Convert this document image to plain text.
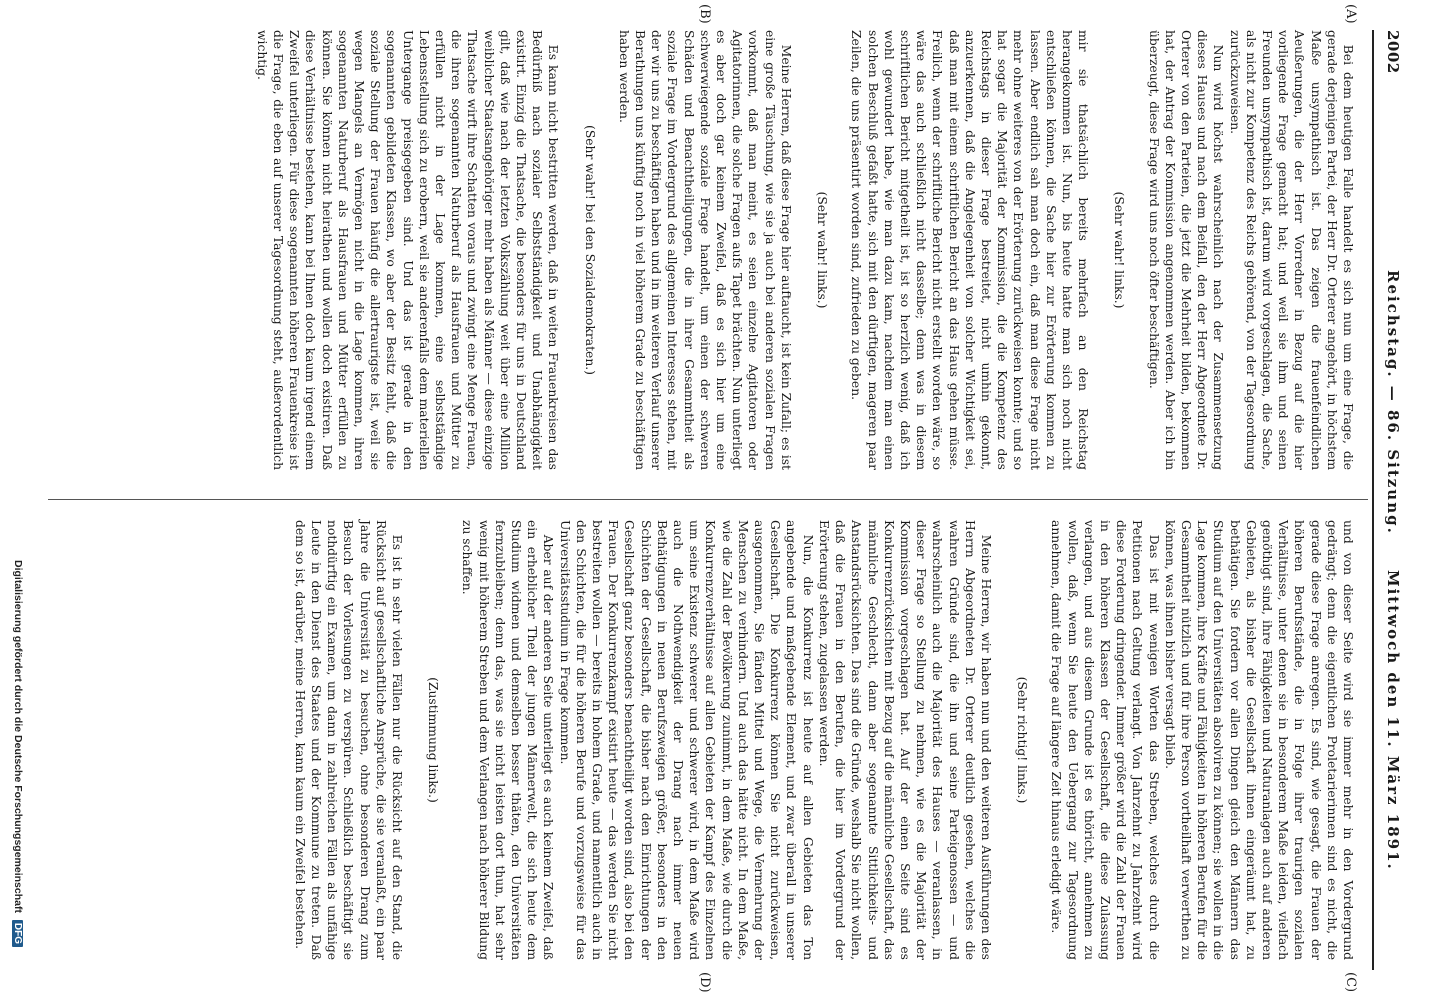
2002
Reichstag. — 86. Sitzung.
Mittwoch den 11. März 1891.
(A)
(B)
(C)
(D)

Bei dem heutigen Falle handelt es sich nun um eine Frage, die gerade derjenigen Partei, der Herr Dr. Orterer angehört, in höchstem Maße unsympathisch ist. Das zeigen die frauenfeindlichen Aeußerungen, die der Herr Vorredner in Bezug auf die hier vorliegende Frage gemacht hat; und weil sie ihm und seinen Freunden unsympathisch ist, darum wird vorgeschlagen, die Sache, als nicht zur Kompetenz des Reichs gehörend, von der Tagesordnung zurückzuweisen.

Nun wird höchst wahrscheinlich nach der Zusammensetzung dieses Hauses und nach dem Beifall, den der Herr Abgeordnete Dr. Orterer von den Parteien, die jetzt die Mehrheit bilden, bekommen hat, der Antrag der Kommission angenommen werden. Aber ich bin überzeugt, diese Frage wird uns noch öfter beschäftigen.

(Sehr wahr! links.)

mir sie thatsächlich bereits mehrfach an den Reichstag herangekommen ist. Nun, bis heute hatte man sich noch nicht entschließen können, die Sache hier zur Erörterung kommen zu lassen. Aber endlich sah man doch ein, daß man diese Frage nicht mehr ohne weiteres von der Erörterung zurückweisen konnte; und so hat sogar die Majorität der Kommission, die die Kompetenz des Reichstags in dieser Frage bestreitet, nicht umhin gekonnt, anzuerkennen, daß die Angelegenheit von solcher Wichtigkeit sei, daß man mit einem schriftlichen Bericht an das Haus gehen müsse. Freilich, wenn der schriftliche Bericht nicht erstellt worden wäre, so wäre das auch schließlich nicht dasselbe; denn was in diesem schriftlichen Bericht mitgetheilt ist, ist so herzlich wenig, daß ich wohl gewundert habe, wie man dazu kam, nachdem man einen solchen Beschluß gefaßt hatte, sich mit den dürftigen, mageren paar Zeilen, die uns präsentirt worden sind, zufrieden zu geben.

(Sehr wahr! links.)

Meine Herren, daß diese Frage hier auftaucht, ist kein Zufall; es ist eine große Täuschung, wie sie ja auch bei anderen sozialen Fragen vorkommt, daß man meint, es seien einzelne Agitatoren oder Agitatorinnen, die solche Fragen aufs Tapet brächten. Nun unterliegt es aber doch gar keinem Zweifel, daß es sich hier um eine schwerwiegende soziale Frage handelt, um einen der schweren Schäden und Benachtheiligungen, die in ihrer Gesammtheit als soziale Frage im Vordergrund des allgemeinen Interesses stehen, mit der wir uns zu beschäftigen haben und in im weiteren Verlauf unserer Berathungen uns künftig noch in viel höherem Grade zu beschäftigen haben werden.

(Sehr wahr! bei den Sozialdemokraten.)

Es kann nicht bestritten werden, daß in weiten Frauenkreisen das Bedürfniß nach sozialer Selbstständigkeit und Unabhängigkeit existirt. Einzig die Thatsache, die besonders für uns in Deutschland gilt, daß wie nach der letzten Volkszählung weit über eine Million weiblicher Staatsangehöriger mehr haben als Männer — diese einzige Thatsache wirft ihre Schatten voraus und zwingt eine Menge Frauen, die ihren sogenannten Naturberuf als Hausfrauen und Mütter zu erfüllen nicht in der Lage kommen, eine selbstständige Lebensstellung sich zu erobern, weil sie anderenfalls dem materiellen Untergange preisgegeben sind. Und das ist gerade in den sogenannten gebildeten Klassen, wo aber der Besitz fehlt, daß die soziale Stellung der Frauen häufig die allertraurigste ist, weil sie wegen Mangels an Vermögen nicht in die Lage kommen, ihren sogenannten Naturberuf als Hausfrauen und Mütter erfüllen zu können. Sie können nicht heirathen und wollen doch existiren. Daß diese Verhältnisse bestehen, kann bei Ihnen doch kaum irgend einem Zweifel unterliegen. Für diese sogenannten höheren Frauenkreise ist die Frage, die eben auf unserer Tagesordnung steht, außerordentlich wichtig.

und von dieser Seite wird sie immer mehr in den Vordergrund gedrängt; denn die eigentlichen Proletarierinnen sind es nicht, die gerade diese Frage anregen. Es sind, wie gesagt, die Frauen der höheren Berufsstände, die in Folge ihrer traurigen sozialen Verhältnisse, unter denen sie in besonderem Maße leiden, vielfach genöthigt sind, ihre Fähigkeiten und Naturanlagen auch auf anderen Gebieten, als bisher die Gesellschaft ihnen eingeräumt hat, zu bethätigen. Sie fordern vor allen Dingen gleich den Männern das Studium auf den Universitäten absolviren zu können; sie wollen in die Lage kommen, ihre Kräfte und Fähigkeiten in höheren Berufen für die Gesammtheit nützlich und für ihre Person vortheilhaft verwerthen zu können, was ihnen bisher versagt blieb.

Das ist mit wenigen Worten das Streben, welches durch die Petitionen nach Geltung verlangt. Von Jahrzehnt zu Jahrzehnt wird diese Forderung dringender. Immer größer wird die Zahl der Frauen in den höheren Klassen der Gesellschaft, die diese Zulassung verlangen, und aus diesem Grunde ist es thöricht, annehmen zu wollen, daß, wenn Sie heute den Uebergang zur Tagesordnung annehmen, damit die Frage auf längere Zeit hinaus erledigt wäre.

(Sehr richtig! links.)

Meine Herren, wir haben nun und den weiteren Ausführungen des Herrn Abgeordneten Dr. Orterer deutlich gesehen, welches die wahren Gründe sind, die ihn und seine Parteigenossen — und wahrscheinlich auch die Majorität des Hauses — veranlassen, in dieser Frage so Stellung zu nehmen, wie es die Majorität der Kommission vorgeschlagen hat. Auf der einen Seite sind es Konkurrenzrücksichten mit Bezug auf die männliche Gesellschaft, das männliche Geschlecht, dann aber sogenannte Sittlichkeits- und Anstandsrücksichten. Das sind die Gründe, weshalb Sie nicht wollen, daß die Frauen in den Berufen, die hier im Vordergrund der Erörterung stehen, zugelassen werden.

Nun, die Konkurrenz ist heute auf allen Gebieten das Ton angebende und maßgebende Element, und zwar überall in unserer Gesellschaft. Die Konkurrenz können Sie nicht zurückweisen, ausgenommen, Sie fänden Mittel und Wege, die Vermehrung der Menschen zu verhindern. Und auch das hätte nicht. In dem Maße, wie die Zahl der Bevölkerung zunimmt, in dem Maße, wie durch die Konkurrenzverhältnisse auf allen Gebieten der Kampf des Einzelnen um seine Existenz schwerer und schwerer wird, in dem Maße wird auch die Nothwendigkeit der Drang nach immer neuen Bethätigungen in neuen Berufszweigen größer, besonders in den Schichten der Gesellschaft, die bisher nach den Einrichtungen der Gesellschaft ganz besonders benachtheiligt worden sind, also bei den Frauen. Der Konkurrenzkampf existirt heute — das werden Sie nicht bestreiten wollen — bereits in hohem Grade, und namentlich auch in den Schichten, die für die höheren Berufe und vorzugsweise für das Universitätsstudium in Frage kommen.

Aber auf der anderen Seite unterliegt es auch keinem Zweifel, daß ein erheblicher Theil der jungen Männerwelt, die sich heute dem Studium widmen und demselben besser thäten, den Universitäten fernzubleiben; denn das, was sie nicht leisten dort thun, hat sehr wenig mit höherem Streben und dem Verlangen nach höherer Bildung zu schaffen.

(Zustimmung links.)

Es ist in sehr vielen Fällen nur die Rücksicht auf den Stand, die Rücksicht auf gesellschaftliche Ansprüche, die sie veranlaßt, ein paar Jahre die Universität zu besuchen, ohne besonderen Drang zum Besuch der Vorlesungen zu verspüren. Schließlich beschäftigt sie nothdürftig ein Examen, um dann in zahlreichen Fällen als unfähige Leute in den Dienst des Staates und der Kommune zu treten. Daß dem so ist, darüber, meine Herren, kann kaum ein Zweifel bestehen.

Digitalisierung gefördert durch die Deutsche Forschungsgemeinschaft DFG
